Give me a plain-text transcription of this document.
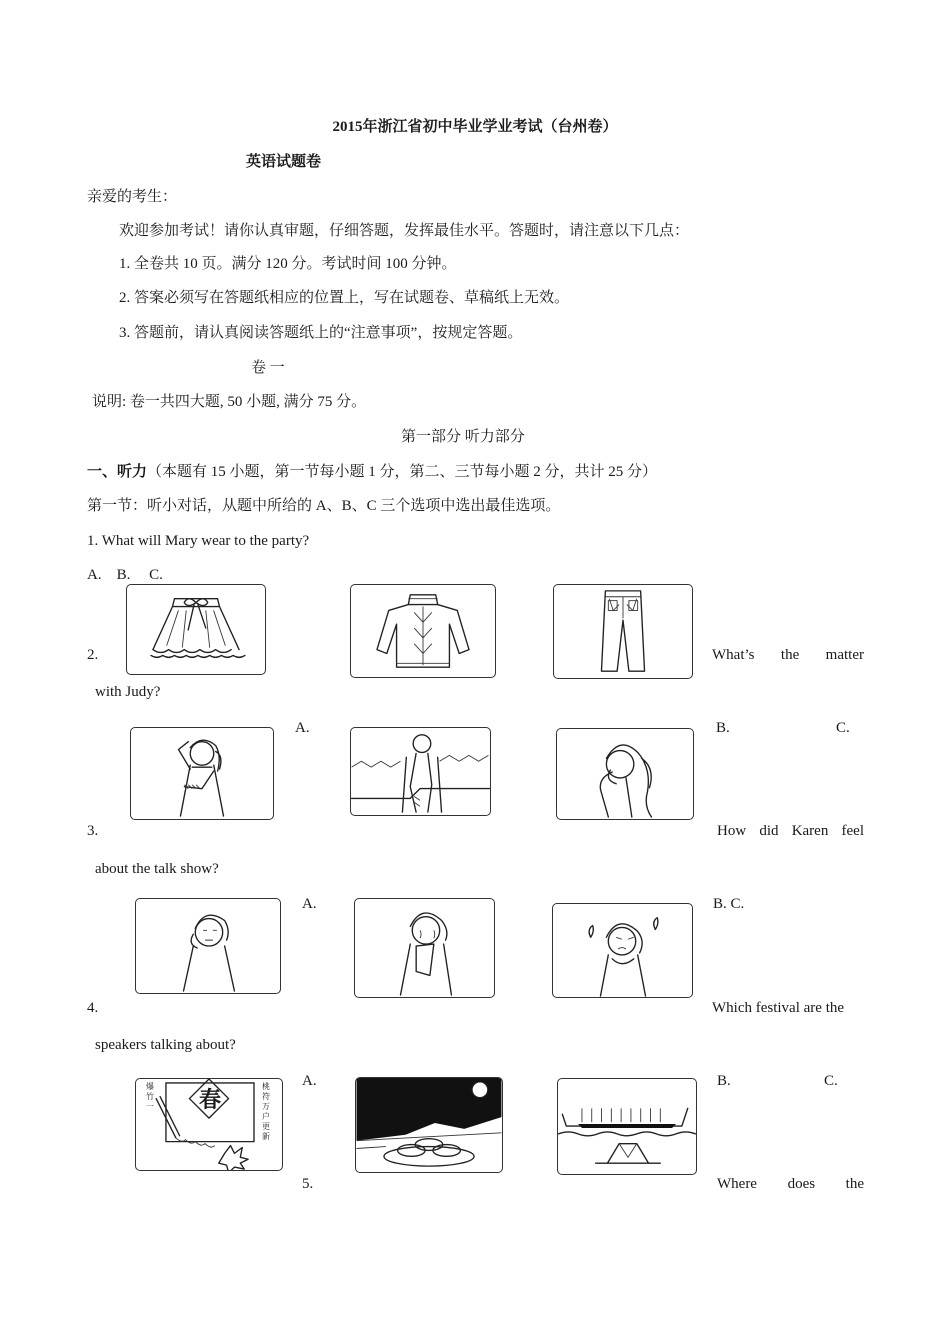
2015年浙江省初中毕业学业考试（台州卷）
英语试题卷
亲爱的考生：
欢迎参加考试！请你认真审题，仔细答题，发挥最佳水平。答题时，请注意以下几点：
1. 全卷共 10 页。满分 120 分。考试时间 100 分钟。
2. 答案必须写在答题纸相应的位置上，写在试题卷、草稿纸上无效。
3. 答题前，请认真阅读答题纸上的“注意事项”，按规定答题。
卷 一
说明: 卷一共四大题, 50 小题, 满分 75 分。
第一部分 听力部分
一、听力（本题有 15 小题，第一节每小题 1 分，第二、三节每小题 2 分，共计 25 分）
第一节：听小对话，从题中所给的 A、B、C 三个选项中选出最佳选项。
1. What will Mary wear to the party?
A.    B.     C.
2.	What’s the matter
with Judy?
A.	B.	C.
3.	How did Karen feel
about the talk show?
A.	B. C.
4.	Which festival are the
speakers talking about?
A.	B.	C.
春
爆竹一
桃符万户更新
5.	Where does the
